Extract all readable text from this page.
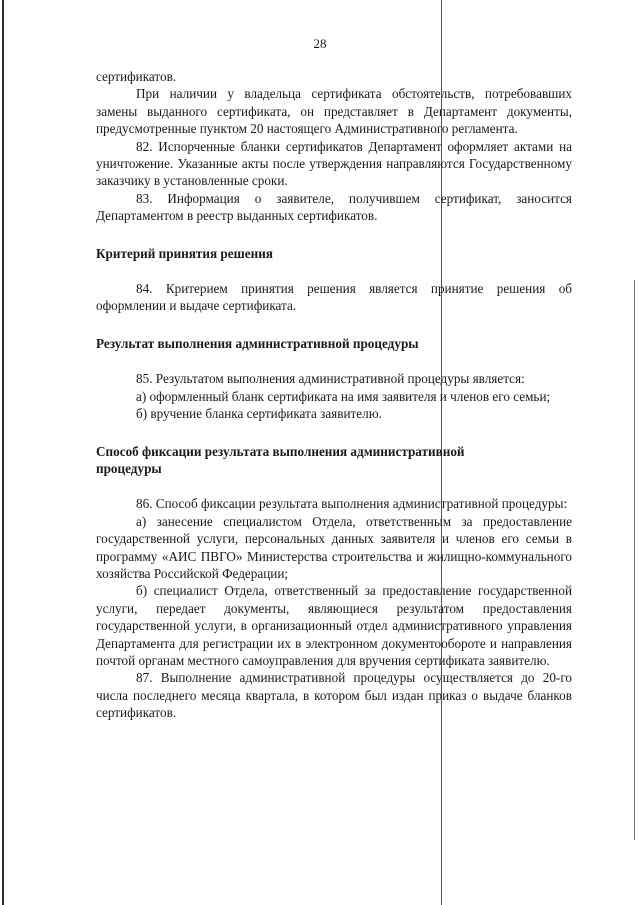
28

сертификатов.

При наличии у владельца сертификата обстоятельств, потребовавших замены выданного сертификата, он представляет в Департамент документы, предусмотренные пунктом 20 настоящего Административного регламента.

82. Испорченные бланки сертификатов Департамент оформляет актами на уничтожение. Указанные акты после утверждения направляются Государственному заказчику в установленные сроки.

83. Информация о заявителе, получившем сертификат, заносится Департаментом в реестр выданных сертификатов.

Критерий принятия решения

84. Критерием принятия решения является принятие решения об оформлении и выдаче сертификата.

Результат выполнения административной процедуры

85. Результатом выполнения административной процедуры является:

а) оформленный бланк сертификата на имя заявителя и членов его семьи;

б) вручение бланка сертификата заявителю.

Способ фиксации результата выполнения административной

процедуры

86. Способ фиксации результата выполнения административной процедуры:

а) занесение специалистом Отдела, ответственным за предоставление государственной услуги, персональных данных заявителя и членов его семьи в программу «АИС ПВГО» Министерства строительства и жилищно-коммунального хозяйства Российской Федерации;

б) специалист Отдела, ответственный за предоставление государственной услуги, передает документы, являющиеся результатом предоставления государственной услуги, в организационный отдел административного управления Департамента для регистрации их в электронном документообороте и направления почтой органам местного самоуправления для вручения сертификата заявителю.

87. Выполнение административной процедуры осуществляется до 20-го числа последнего месяца квартала, в котором был издан приказ о выдаче бланков сертификатов.
